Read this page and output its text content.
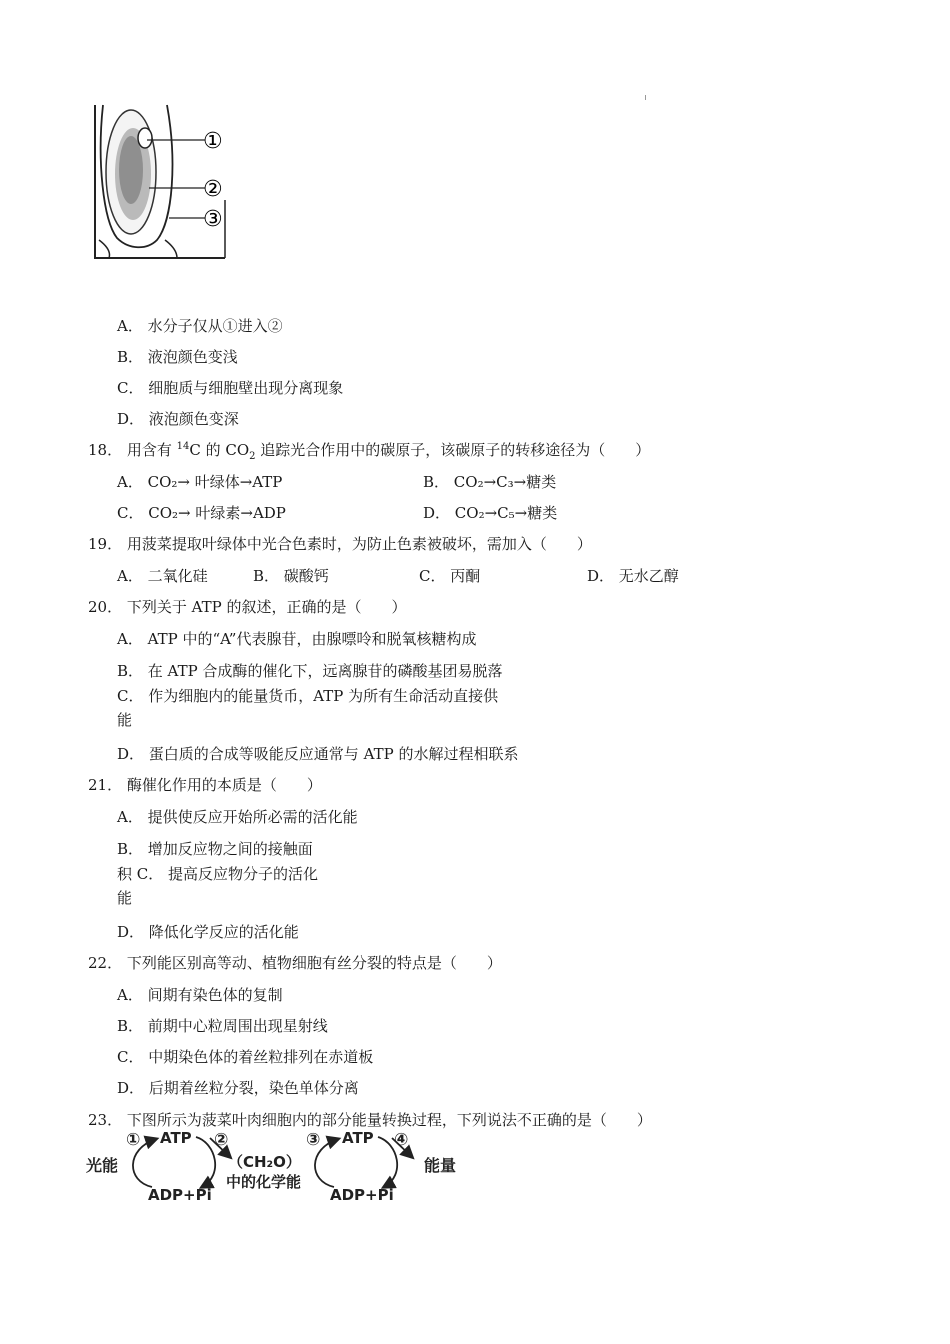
①
②
③
A． 水分子仅从①进入②
B． 液泡颜色变浅
C． 细胞质与细胞壁出现分离现象
D． 液泡颜色变深
18． 用含有 $^{14}$C 的 $CO_2$ 追踪光合作用中的碳原子，该碳原子的转移途径为（　　）
A． CO₂→ 叶绿体→ATP	B． CO₂→C₃→糖类
C． CO₂→ 叶绿素→ADP	D． CO₂→C₅→糖类
19． 用菠菜提取叶绿体中光合色素时，为防止色素被破坏，需加入（　　）
A． 二氧化硅	B． 碳酸钙	C． 丙酮	D． 无水乙醇
20． 下列关于 ATP 的叙述，正确的是（　　）
A． ATP 中的“A”代表腺苷，由腺嘌呤和脱氧核糖构成
B． 在 ATP 合成酶的催化下，远离腺苷的磷酸基团易脱落
C． 作为细胞内的能量货币，ATP 为所有生命活动直接供
能
D． 蛋白质的合成等吸能反应通常与 ATP 的水解过程相联系
21． 酶催化作用的本质是（　　）
A． 提供使反应开始所必需的活化能
B． 增加反应物之间的接触面
积 C． 提高反应物分子的活化
能
D． 降低化学反应的活化能
22． 下列能区别高等动、植物细胞有丝分裂的特点是（　　）
A． 间期有染色体的复制
B． 前期中心粒周围出现星射线
C． 中期染色体的着丝粒排列在赤道板
D． 后期着丝粒分裂，染色单体分离
23． 下图所示为菠菜叶肉细胞内的部分能量转换过程，下列说法不正确的是（　　）
光能
① ATP ②
ADP+Pi
（CH₂O）
中的化学能
③ ATP ④
ADP+Pi
能量
